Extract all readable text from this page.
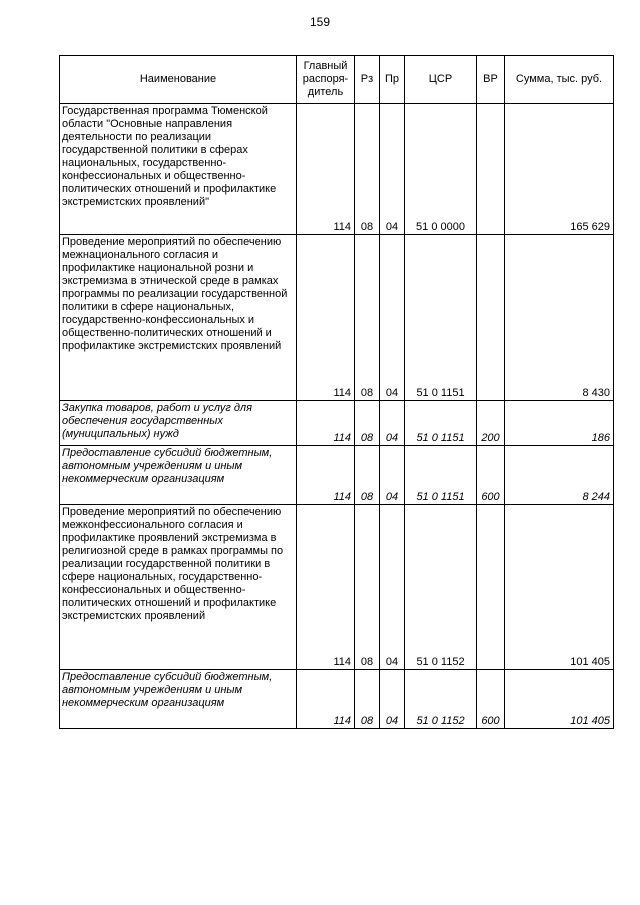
159
Наименование	Главный распоря-дитель	Рз	Пр	ЦСР	ВР	Сумма, тыс. руб.
Государственная программа Тюменской области "Основные направления деятельности по реализации государственной политики в сферах национальных, государственно-конфессиональных и общественно-политических отношений и профилактике экстремистских проявлений"	114	08	04	51 0 0000		165 629
Проведение мероприятий по обеспечению межнационального согласия и профилактике национальной розни и экстремизма в этнической среде в рамках программы по реализации государственной политики в сфере национальных, государственно-конфессиональных и общественно-политических отношений и профилактике экстремистских проявлений	114	08	04	51 0 1151		8 430
Закупка товаров, работ и услуг для обеспечения государственных (муниципальных) нужд	114	08	04	51 0 1151	200	186
Предоставление субсидий бюджетным, автономным учреждениям и иным некоммерческим организациям	114	08	04	51 0 1151	600	8 244
Проведение мероприятий по обеспечению межконфессионального согласия и профилактике проявлений экстремизма в религиозной среде в рамках программы по реализации государственной политики в сфере национальных, государственно-конфессиональных и общественно-политических отношений и профилактике экстремистских проявлений	114	08	04	51 0 1152		101 405
Предоставление субсидий бюджетным, автономным учреждениям и иным некоммерческим организациям	114	08	04	51 0 1152	600	101 405
